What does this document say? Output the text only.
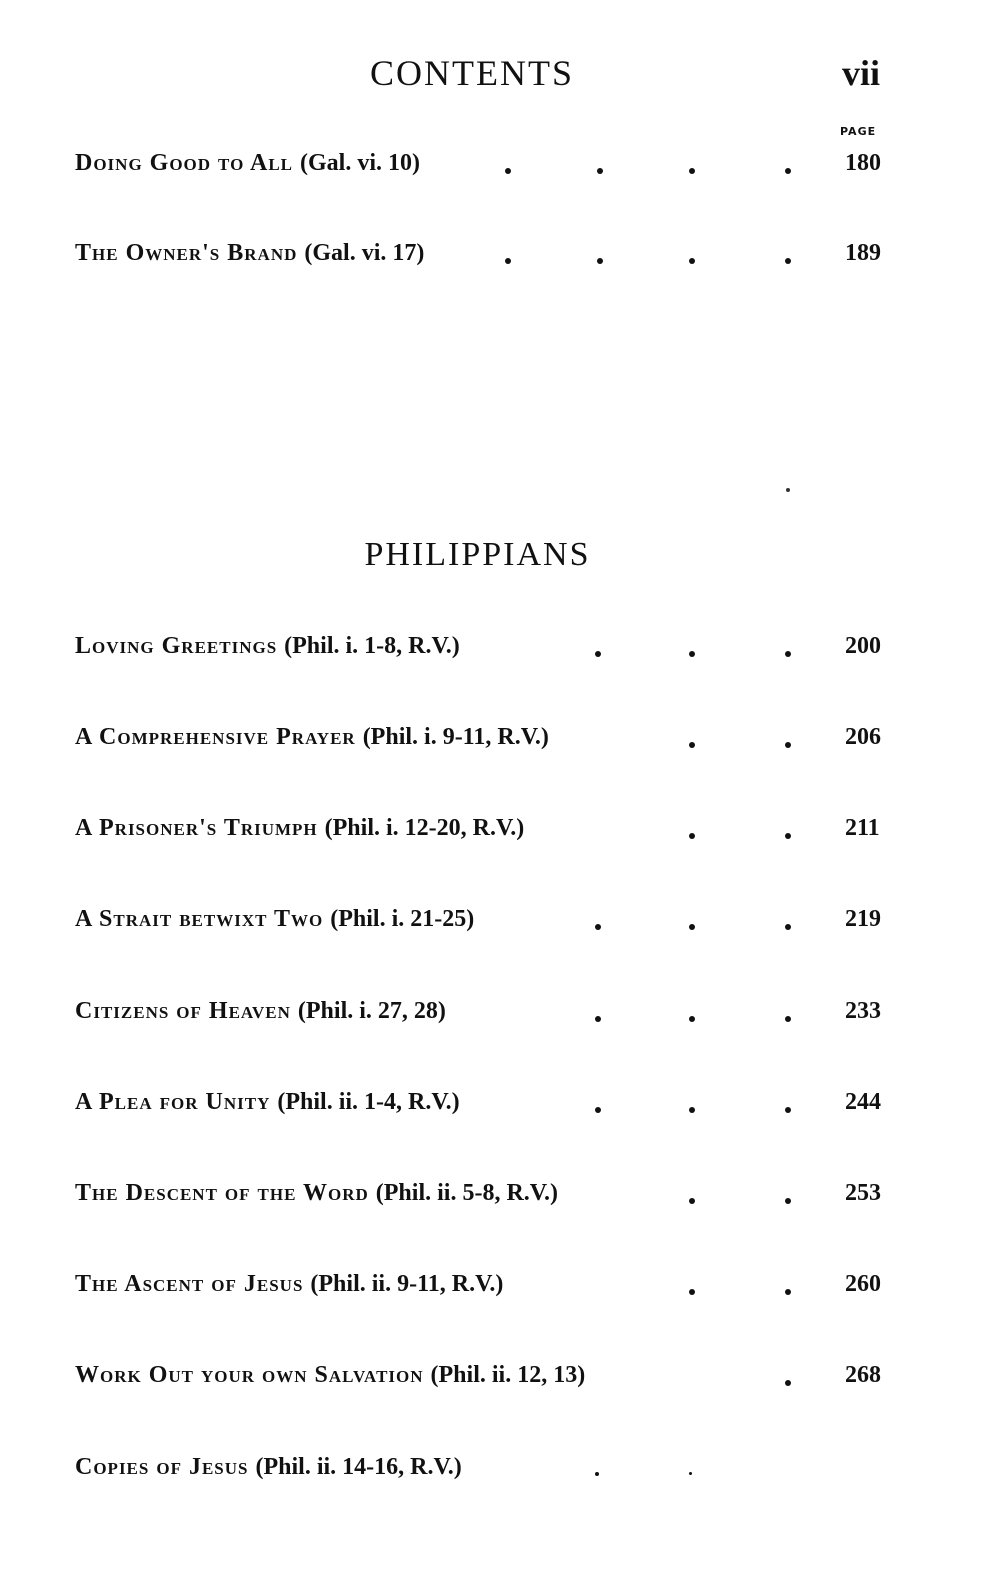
CONTENTS	vii
PAGE
Doing Good to All (Gal. vi. 10)	180
The Owner's Brand (Gal. vi. 17)	189
PHILIPPIANS
Loving Greetings (Phil. i. 1-8, R.V.)	200
A Comprehensive Prayer (Phil. i. 9-11, R.V.)	206
A Prisoner's Triumph (Phil. i. 12-20, R.V.)	211
A Strait betwixt Two (Phil. i. 21-25)	219
Citizens of Heaven (Phil. i. 27, 28)	233
A Plea for Unity (Phil. ii. 1-4, R.V.)	244
The Descent of the Word (Phil. ii. 5-8, R.V.)	253
The Ascent of Jesus (Phil. ii. 9-11, R.V.)	260
Work Out your own Salvation (Phil. ii. 12, 13)	268
Copies of Jesus (Phil. ii. 14-16, R.V.)
